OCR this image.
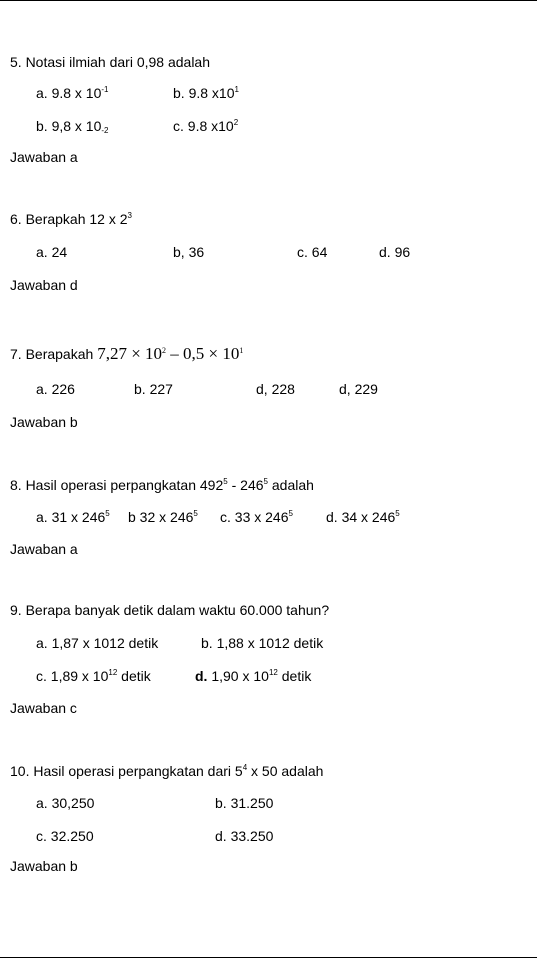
5. Notasi ilmiah dari 0,98 adalah
a. 9.8 x $10^{-1}$	b. 9.8 $x10^1$
b. 9,8 x $10_{-2}$	c. 9.8 $x10^2$
Jawaban a
6. Berapkah 12 x $2^3$
a. 24	b, 36	c. 64	d. 96
Jawaban d
7. Berapakah $7,27 \times 10^2 - 0,5 \times 10^1$
a. 226	b. 227	d, 228	d, 229
Jawaban b
8. Hasil operasi perpangkatan $492^5 - 246^5$ adalah
a. 31 x $246^5$ b 32 x $246^5$ c. 33 x $246^5$ d. 34 x $246^5$
Jawaban a
9. Berapa banyak detik dalam waktu 60.000 tahun?
a. 1,87 x 1012 detik	b. 1,88 x 1012 detik
c. 1,89 x $10^{12}$ detik	d. 1,90 x $10^{12}$ detik
Jawaban c
10. Hasil operasi perpangkatan dari $5^4$ x 50 adalah
a. 30,250	b. 31.250
c. 32.250	d. 33.250
Jawaban b
